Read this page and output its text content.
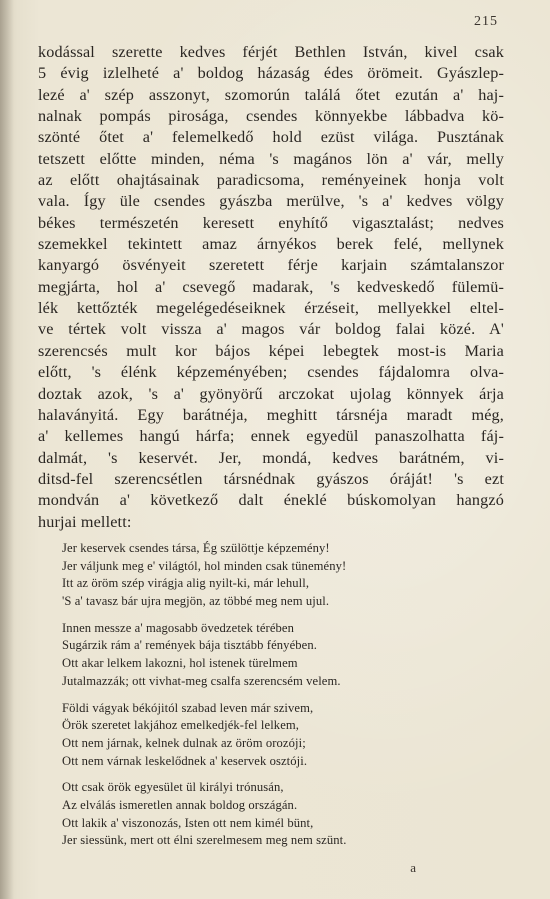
215
kodással szerette kedves férjét Bethlen István, kivel csak
5 évig izlelheté a' boldog házaság édes örömeit. Gyászlep-
lezé a' szép asszonyt, szomorún találá őtet ezután a' haj-
nalnak pompás pirosága, csendes könnyekbe lábbadva kö-
szönté őtet a' felemelkedő hold ezüst világa. Pusztának
tetszett előtte minden, néma 's magános lön a' vár, melly
az előtt ohajtásainak paradicsoma, reményeinek honja volt
vala. Így üle csendes gyászba merülve, 's a' kedves völgy
békes természetén keresett enyhítő vigasztalást; nedves
szemekkel tekintett amaz árnyékos berek felé, mellynek
kanyargó ösvényeit szeretett férje karjain számtalanszor
megjárta, hol a' csevegő madarak, 's kedveskedő fülemü-
lék kettőzték megelégedéseiknek érzéseit, mellyekkel eltel-
ve tértek volt vissza a' magos vár boldog falai közé. A'
szerencsés mult kor bájos képei lebegtek most-is Maria
előtt, 's élénk képzeményében; csendes fájdalomra olva-
doztak azok, 's a' gyönyörű arczokat ujolag könnyek árja
halaványitá. Egy barátnéja, meghitt társnéja maradt még,
a' kellemes hangú hárfa; ennek egyedül panaszolhatta fáj-
dalmát, 's keservét. Jer, mondá, kedves barátném, vi-
ditsd-fel szerencsétlen társnédnak gyászos óráját! 's ezt
mondván a' következő dalt éneklé búskomolyan hangzó
hurjai mellett:
Jer keservek csendes társa, Ég szülöttje képzemény!
Jer váljunk meg e' világtól, hol minden csak tünemény!
Itt az öröm szép virágja alig nyilt-ki, már lehull,
'S a' tavasz bár ujra megjön, az többé meg nem ujul.
Innen messze a' magosabb övedzetek térében
Sugárzik rám a' remények bája tisztább fényében.
Ott akar lelkem lakozni, hol istenek türelmem
Jutalmazzák; ott vivhat-meg csalfa szerencsém velem.
Földi vágyak békójitól szabad leven már szivem,
Örök szeretet lakjához emelkedjék-fel lelkem,
Ott nem járnak, kelnek dulnak az öröm orozóji;
Ott nem várnak leskelődnek a' keservek osztóji.
Ott csak örök egyesület ül királyi trónusán,
Az elválás ismeretlen annak boldog országán.
Ott lakik a' viszonozás, Isten ott nem kimél bünt,
Jer siessünk, mert ott élni szerelmesem meg nem szünt.
a
